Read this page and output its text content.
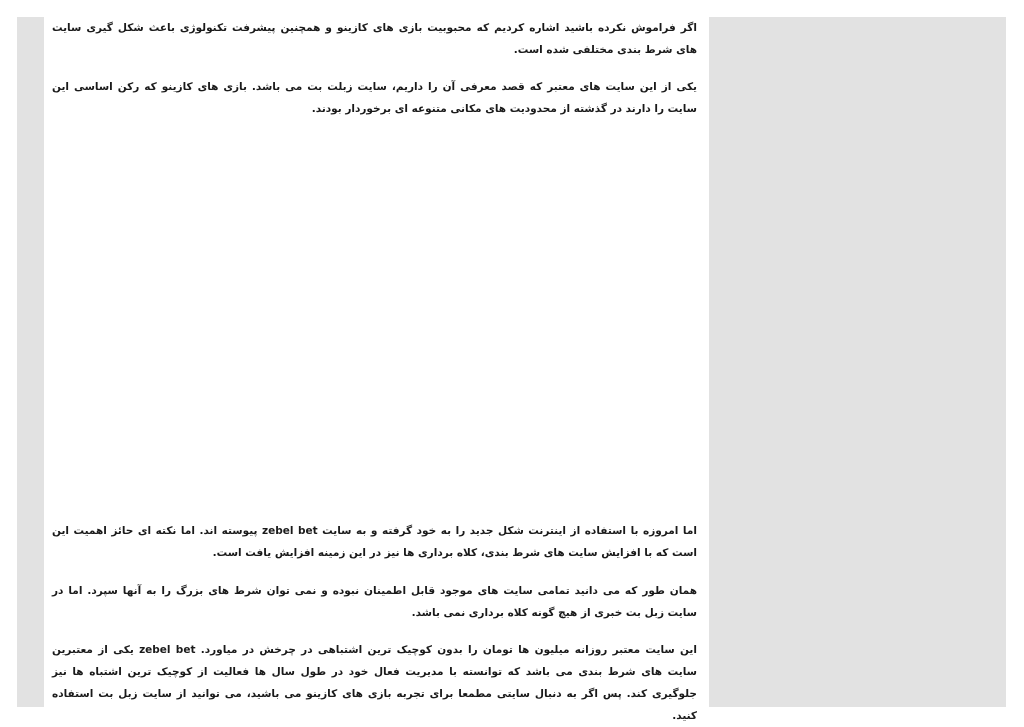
اگر فراموش نکرده باشید اشاره کردیم که محبوبیت بازی های کازینو و همچنین پیشرفت تکنولوژی باعث شکل گیری سایت های شرط بندی مختلفی شده است.

یکی از این سایت های معتبر که قصد معرفی آن را داریم، سایت زبلت بت می باشد. بازی های کازینو که رکن اساسی این سایت را دارند در گذشته از محدودیت های مکانی متنوعه ای برخوردار بودند.

اما امروزه با استفاده از اینترنت شکل جدید را به خود گرفته و به سایت zebel bet پیوسته اند. اما نکته ای حائز اهمیت این است که با افزایش سایت های شرط بندی، کلاه برداری ها نیز در این زمینه افزایش یافت است.

همان طور که می دانید تمامی سایت های موجود قابل اطمینان نبوده و نمی توان شرط های بزرگ را به آنها سپرد. اما در سایت زبل بت خبری از هیچ گونه کلاه برداری نمی باشد.

این سایت معتبر روزانه میلیون ها تومان را بدون کوچیک ترین اشتباهی در چرخش در میاورد. zebel bet یکی از معتبرین سایت های شرط بندی می باشد که توانسته با مدیریت فعال خود در طول سال ها فعالیت از کوچیک ترین اشتباه ها نیز جلوگیری کند. پس اگر به دنبال سایتی مطمعا برای تجربه بازی های کازینو می باشید، می توانید از سایت زبل بت استفاده کنید.
